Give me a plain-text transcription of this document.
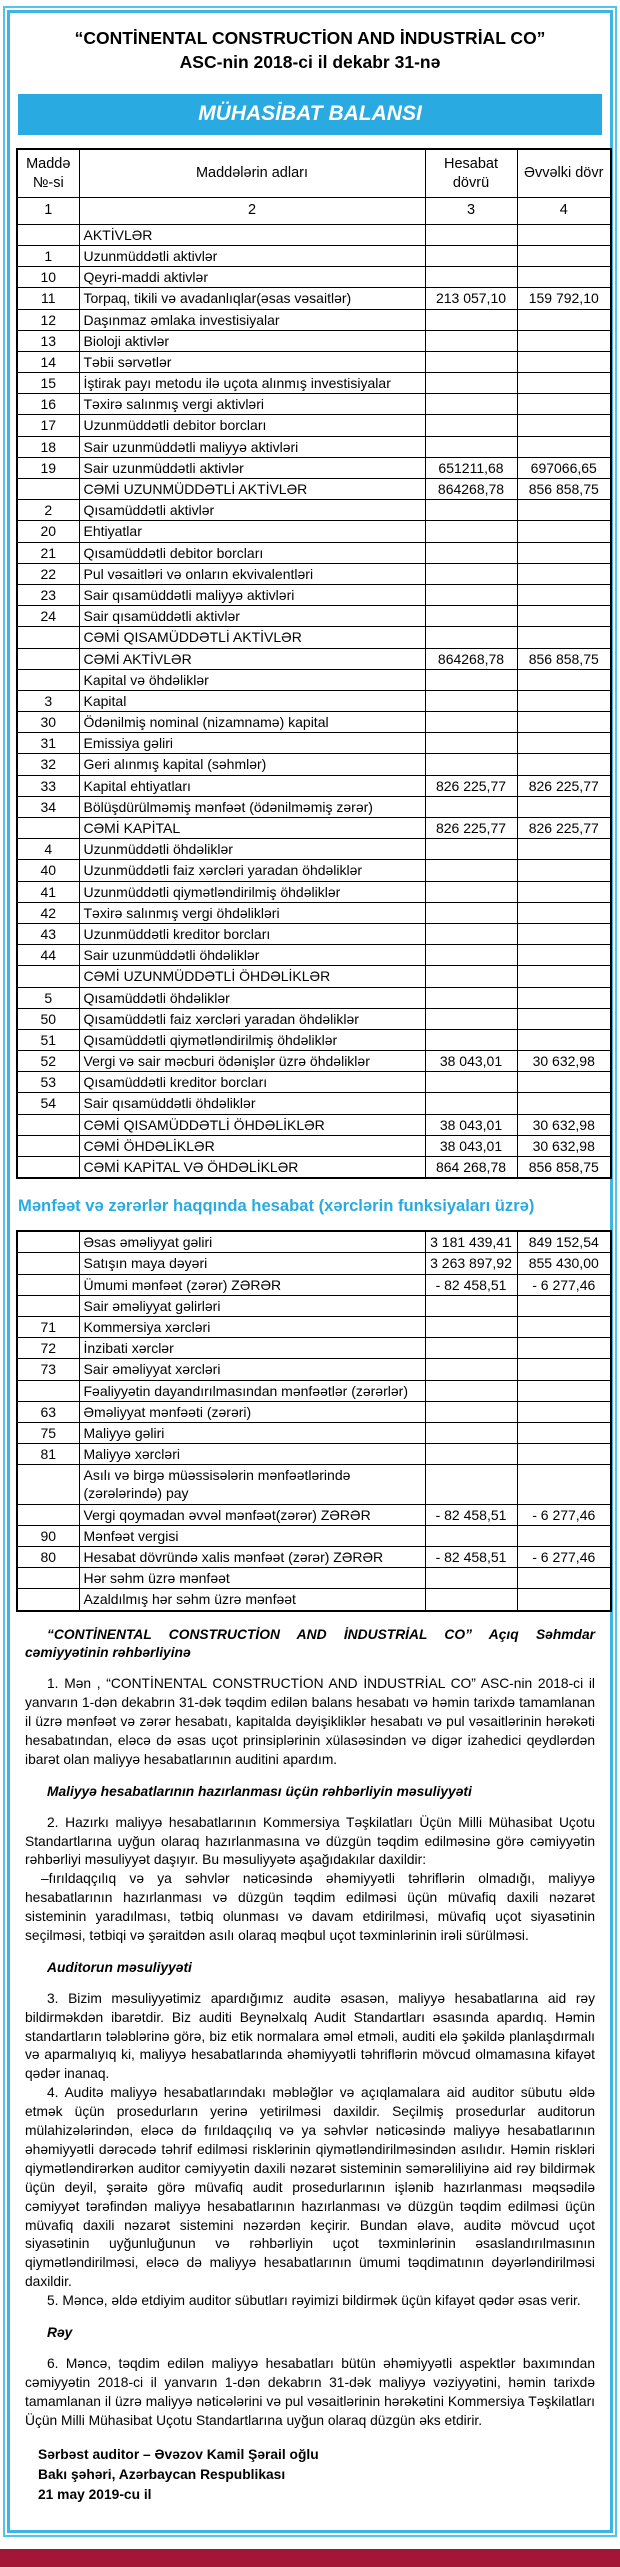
“CONTİNENTAL CONSTRUCTİON AND İNDUSTRİAL CO”
ASC-nin 2018-ci il dekabr 31-nə
MÜHASİBAT BALANSI
Maddə №-si	Maddələrin adları	Hesabat dövrü	Əvvəlki dövr
1	2	3	4
	AKTİVLƏR		
1	Uzunmüddətli aktivlər		
10	Qeyri-maddi aktivlər		
11	Torpaq, tikili və avadanlıqlar(əsas vəsaitlər)	213 057,10	159 792,10
12	Daşınmaz əmlaka investisiyalar		
13	Bioloji aktivlər		
14	Təbii sərvətlər		
15	İştirak payı metodu ilə uçota alınmış investisiyalar		
16	Təxirə salınmış vergi aktivləri		
17	Uzunmüddətli debitor borcları		
18	Sair uzunmüddətli maliyyə aktivləri		
19	Sair uzunmüddətli aktivlər	651211,68	697066,65
	CƏMİ UZUNMÜDDƏTLİ AKTİVLƏR	864268,78	856 858,75
2	Qısamüddətli aktivlər		
20	Ehtiyatlar		
21	Qısamüddətli debitor borcları		
22	Pul vəsaitləri və onların ekvivalentləri		
23	Sair qısamüddətli maliyyə aktivləri		
24	Sair qısamüddətli aktivlər		
	CƏMİ QISAMÜDDƏTLİ AKTİVLƏR		
	CƏMİ AKTİVLƏR	864268,78	856 858,75
	Kapital və öhdəliklər		
3	Kapital		
30	Ödənilmiş nominal (nizamnamə) kapital		
31	Emissiya gəliri		
32	Geri alınmış kapital (səhmlər)		
33	Kapital ehtiyatları	826 225,77	826 225,77
34	Bölüşdürülməmiş mənfəət (ödənilməmiş zərər)		
	CƏMİ KAPİTAL	826 225,77	826 225,77
4	Uzunmüddətli öhdəliklər		
40	Uzunmüddətli faiz xərcləri yaradan öhdəliklər		
41	Uzunmüddətli qiymətləndirilmiş öhdəliklər		
42	Təxirə salınmış vergi öhdəlikləri		
43	Uzunmüddətli kreditor borcları		
44	Sair uzunmüddətli öhdəliklər		
	CƏMİ UZUNMÜDDƏTLİ ÖHDƏLİKLƏR		
5	Qısamüddətli öhdəliklər		
50	Qısamüddətli faiz xərcləri yaradan öhdəliklər		
51	Qısamüddətli qiymətləndirilmiş öhdəliklər		
52	Vergi və sair məcburi ödənişlər üzrə öhdəliklər	38 043,01	30 632,98
53	Qısamüddətli kreditor borcları		
54	Sair qısamüddətli öhdəliklər		
	CƏMİ QISAMÜDDƏTLİ ÖHDƏLİKLƏR	38 043,01	30 632,98
	CƏMİ ÖHDƏLİKLƏR	38 043,01	30 632,98
	CƏMİ KAPİTAL VƏ ÖHDƏLİKLƏR	864 268,78	856 858,75
Mənfəət və zərərlər haqqında hesabat (xərclərin funksiyaları üzrə)
	Əsas əməliyyat gəliri	3 181 439,41	849 152,54
	Satışın maya dəyəri	3 263 897,92	855 430,00
	Ümumi mənfəət (zərər) ZƏRƏR	- 82 458,51	- 6 277,46
	Sair əməliyyat gəlirləri		
71	Kommersiya xərcləri		
72	İnzibati xərclər		
73	Sair əməliyyat xərcləri		
	Fəaliyyətin dayandırılmasından mənfəətlər (zərərlər)		
63	Əməliyyat mənfəəti (zərəri)		
75	Maliyyə gəliri		
81	Maliyyə xərcləri		
	Asılı və birgə müəssisələrin mənfəətlərində (zərələrində) pay		
	Vergi qoymadan əvvəl mənfəət(zərər) ZƏRƏR	- 82 458,51	- 6 277,46
90	Mənfəət vergisi		
80	Hesabat dövründə xalis mənfəət (zərər) ZƏRƏR	- 82 458,51	- 6 277,46
	Hər səhm üzrə mənfəət		
	Azaldılmış hər səhm üzrə mənfəət		

“CONTİNENTAL CONSTRUCTİON AND İNDUSTRİAL CO” Açıq Səhmdar cəmiyyətinin rəhbərliyinə

1. Mən , “CONTİNENTAL CONSTRUCTİON AND İNDUSTRİAL CO” ASC-nin 2018-ci il yanvarın 1-dən dekabrın 31-dək təqdim edilən balans hesabatı və həmin tarixdə tamamlanan il üzrə mənfəət və zərər hesabatı, kapitalda dəyişikliklər hesabatı və pul vəsaitlərinin hərəkəti hesabatından, eləcə də əsas uçot prinsiplərinin xülasəsindən və digər izahedici qeydlərdən ibarət olan maliyyə hesabatlarının auditini apardım.

Maliyyə hesabatlarının hazırlanması üçün rəhbərliyin məsuliyyəti

2. Hazırkı maliyyə hesabatlarının Kommersiya Təşkilatları Üçün Milli Mühasibat Uçotu Standartlarına uyğun olaraq hazırlanmasına və düzgün təqdim edilməsinə görə cəmiyyətin rəhbərliyi məsuliyyət daşıyır. Bu məsuliyyətə aşağıdakılar daxildir:

–fırıldaqçılıq və ya səhvlər nəticəsində əhəmiyyətli təhriflərin olmadığı, maliyyə hesabatlarının hazırlanması və düzgün təqdim edilməsi üçün müvafiq daxili nəzarət sisteminin yaradılması, tətbiq olunması və davam etdirilməsi, müvafiq uçot siyasətinin seçilməsi, tətbiqi və şəraitdən asılı olaraq məqbul uçot təxminlərinin irəli sürülməsi.

Auditorun məsuliyyəti

3. Bizim məsuliyyətimiz apardığımız auditə əsasən, maliyyə hesabatlarına aid rəy bildirməkdən ibarətdir. Biz auditi Beynəlxalq Audit Standartları əsasında apardıq. Həmin standartların tələblərinə görə, biz etik normalara əməl etməli, auditi elə şəkildə planlaşdırmalı və aparmalıyıq ki, maliyyə hesabatlarında əhəmiyyətli təhriflərin mövcud olmamasına kifayət qədər inanaq.

4. Auditə maliyyə hesabatlarındakı məbləğlər və açıqlamalara aid auditor sübutu əldə etmək üçün prosedurların yerinə yetirilməsi daxildir. Seçilmiş prosedurlar auditorun mülahizələrindən, eləcə də fırıldaqçılıq və ya səhvlər nəticəsində maliyyə hesabatlarının əhəmiyyətli dərəcədə təhrif edilməsi risklərinin qiymətləndirilməsindən asılıdır. Həmin riskləri qiymətləndirərkən auditor cəmiyyətin daxili nəzarət sisteminin səmərəliliyinə aid rəy bildirmək üçün deyil, şəraitə görə müvafiq audit prosedurlarının işlənib hazırlanması məqsədilə cəmiyyət tərəfindən maliyyə hesabatlarının hazırlanması və düzgün təqdim edilməsi üçün müvafiq daxili nəzarət sistemini nəzərdən keçirir. Bundan əlavə, auditə mövcud uçot siyasətinin uyğunluğunun və rəhbərliyin uçot təxminlərinin əsaslandırılmasının qiymətləndirilməsi, eləcə də maliyyə hesabatlarının ümumi təqdimatının dəyərləndirilməsi daxildir.

5. Məncə, əldə etdiyim auditor sübutları rəyimizi bildirmək üçün kifayət qədər əsas verir.

Rəy

6. Məncə, təqdim edilən maliyyə hesabatları bütün əhəmiyyətli aspektlər baxımından cəmiyyətin 2018-ci il yanvarın 1-dən dekabrın 31-dək maliyyə vəziyyətini, həmin tarixdə tamamlanan il üzrə maliyyə nəticələrini və pul vəsaitlərinin hərəkətini Kommersiya Təşkilatları Üçün Milli Mühasibat Uçotu Standartlarına uyğun olaraq düzgün əks etdirir.

Sərbəst auditor – Əvəzov Kamil Şərail oğlu
Bakı şəhəri, Azərbaycan Respublikası
21 may 2019-cu il
